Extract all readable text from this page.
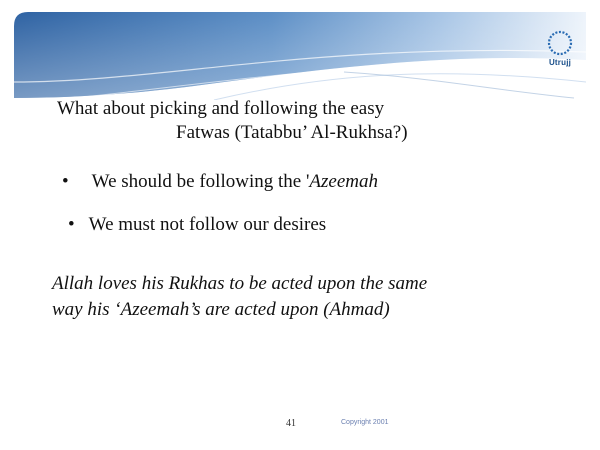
Utrujj
What about picking and following the easy
Fatwas (Tatabbu’ Al-Rukhsa?)
• We should be following the 'Azeemah
• We must not follow our desires
Allah loves his Rukhas to be acted upon the same
way his ‘Azeemah’s are acted upon (Ahmad)
41	Copyright 2001
